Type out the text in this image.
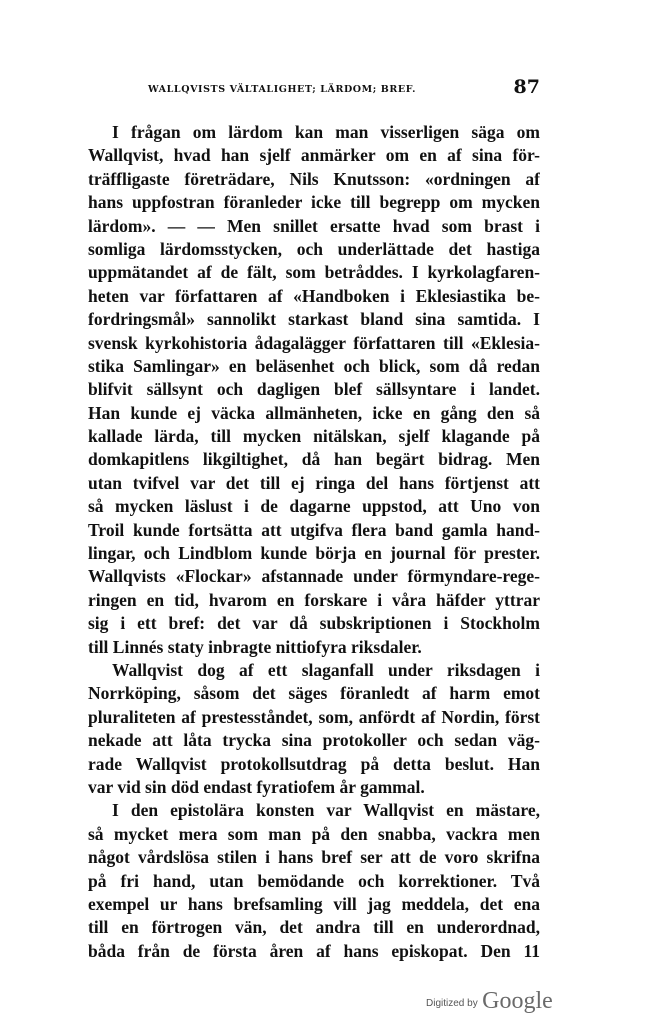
WALLQVISTS VÄLTALIGHET; LÄRDOM; BREF.	87
I frågan om lärdom kan man visserligen säga om
Wallqvist, hvad han sjelf anmärker om en af sina för-
träffligaste företrädare, Nils Knutsson: «ordningen af
hans uppfostran föranleder icke till begrepp om mycken
lärdom». — — Men snillet ersatte hvad som brast i
somliga lärdomsstycken, och underlättade det hastiga
uppmätandet af de fält, som betråddes. I kyrkolagfaren-
heten var författaren af «Handboken i Eklesiastika be-
fordringsmål» sannolikt starkast bland sina samtida. I
svensk kyrkohistoria ådagalägger författaren till «Eklesia-
stika Samlingar» en beläsenhet och blick, som då redan
blifvit sällsynt och dagligen blef sällsyntare i landet.
Han kunde ej väcka allmänheten, icke en gång den så
kallade lärda, till mycken nitälskan, sjelf klagande på
domkapitlens likgiltighet, då han begärt bidrag. Men
utan tvifvel var det till ej ringa del hans förtjenst att
så mycken läslust i de dagarne uppstod, att Uno von
Troil kunde fortsätta att utgifva flera band gamla hand-
lingar, och Lindblom kunde börja en journal för prester.
Wallqvists «Flockar» afstannade under förmyndare-rege-
ringen en tid, hvarom en forskare i våra häfder yttrar
sig i ett bref: det var då subskriptionen i Stockholm
till Linnés staty inbragte nittiofyra riksdaler.
Wallqvist dog af ett slaganfall under riksdagen i
Norrköping, såsom det säges föranledt af harm emot
pluraliteten af prestesståndet, som, anfördt af Nordin, först
nekade att låta trycka sina protokoller och sedan väg-
rade Wallqvist protokollsutdrag på detta beslut. Han
var vid sin död endast fyratiofem år gammal.
I den epistolära konsten var Wallqvist en mästare,
så mycket mera som man på den snabba, vackra men
något vårdslösa stilen i hans bref ser att de voro skrifna
på fri hand, utan bemödande och korrektioner. Två
exempel ur hans brefsamling vill jag meddela, det ena
till en förtrogen vän, det andra till en underordnad,
båda från de första åren af hans episkopat. Den 11
Digitized by Google
